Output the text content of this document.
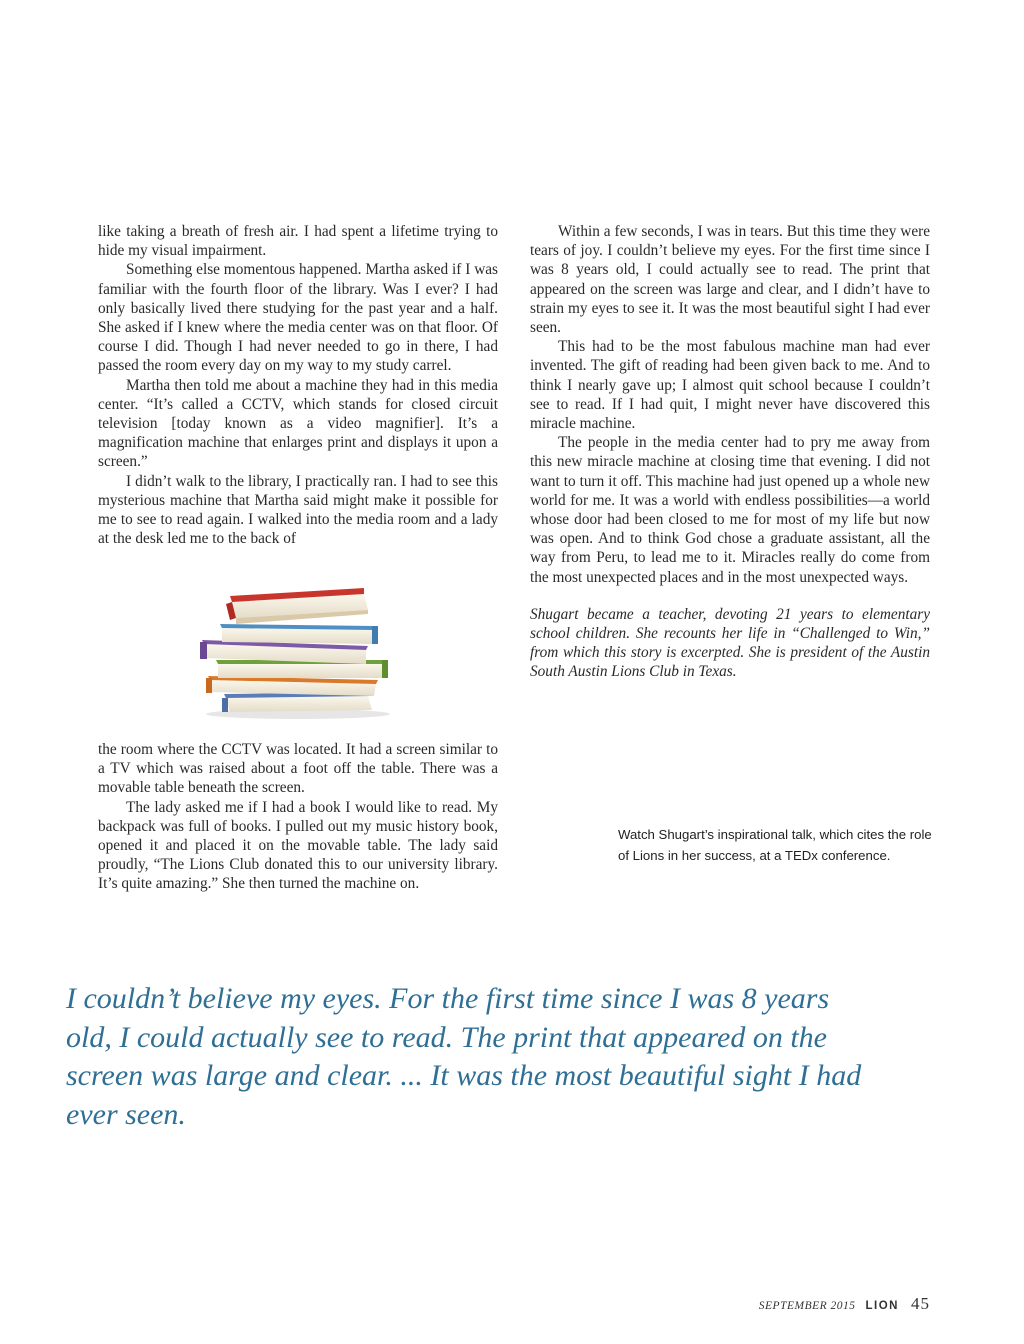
like taking a breath of fresh air. I had spent a lifetime trying to hide my visual impairment.

Something else momentous happened. Martha asked if I was familiar with the fourth floor of the library. Was I ever? I had only basically lived there studying for the past year and a half. She asked if I knew where the media center was on that floor. Of course I did. Though I had never needed to go in there, I had passed the room every day on my way to my study carrel.

Martha then told me about a machine they had in this media center. “It’s called a CCTV, which stands for closed circuit television [today known as a video magnifier]. It’s a magnification machine that enlarges print and displays it upon a screen.”

I didn’t walk to the library, I practically ran. I had to see this mysterious machine that Martha said might make it possible for me to see to read again. I walked into the media room and a lady at the desk led me to the back of

the room where the CCTV was located. It had a screen similar to a TV which was raised about a foot off the table. There was a movable table beneath the screen.

The lady asked me if I had a book I would like to read. My backpack was full of books. I pulled out my music history book, opened it and placed it on the movable table. The lady said proudly, “The Lions Club donated this to our university library. It’s quite amazing.” She then turned the machine on.

Within a few seconds, I was in tears. But this time they were tears of joy. I couldn’t believe my eyes. For the first time since I was 8 years old, I could actually see to read. The print that appeared on the screen was large and clear, and I didn’t have to strain my eyes to see it. It was the most beautiful sight I had ever seen.

This had to be the most fabulous machine man had ever invented. The gift of reading had been given back to me. And to think I nearly gave up; I almost quit school because I couldn’t see to read. If I had quit, I might never have discovered this miracle machine.

The people in the media center had to pry me away from this new miracle machine at closing time that evening. I did not want to turn it off. This machine had just opened up a whole new world for me. It was a world with endless possibilities—a world whose door had been closed to me for most of my life but now was open. And to think God chose a graduate assistant, all the way from Peru, to lead me to it. Miracles really do come from the most unexpected places and in the most unexpected ways.

Shugart became a teacher, devoting 21 years to elementary school children. She recounts her life in “Challenged to Win,” from which this story is excerpted. She is president of the Austin South Austin Lions Club in Texas.

Watch Shugart’s inspirational talk, which cites the role of Lions in her success, at a TEDx conference.
I couldn’t believe my eyes. For the first time since I was 8 years old, I could actually see to read. The print that appeared on the screen was large and clear. ... It was the most beautiful sight I had ever seen.
SEPTEMBER 2015 LION 45
